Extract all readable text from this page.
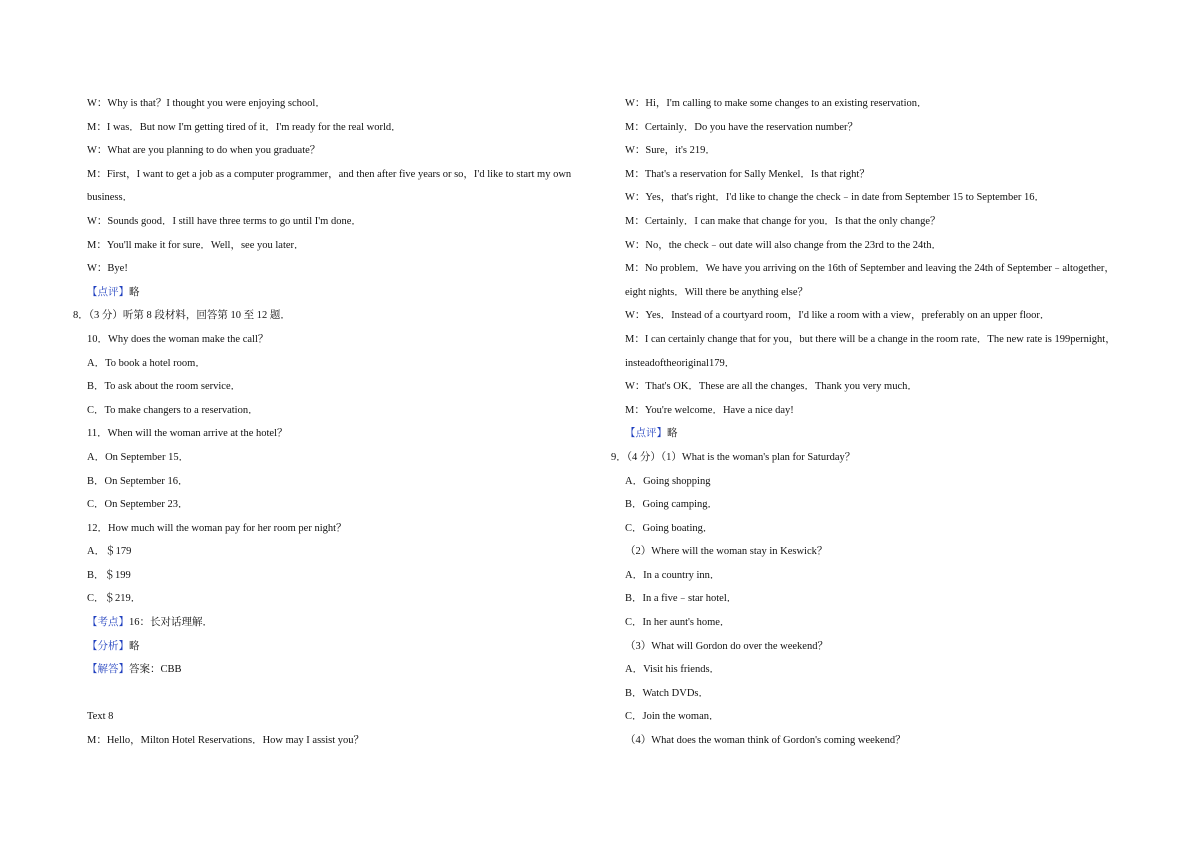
W：Why is that？I thought you were enjoying school．
M：I was．But now I'm getting tired of it．I'm ready for the real world．
W：What are you planning to do when you graduate？
M：First，I want to get a job as a computer programmer，and then after five years or so，I'd like to start my own
business．
W：Sounds good．I still have three terms to go until I'm done．
M：You'll make it for sure．Well，see you later．
W：Bye!
【点评】略
8．（3 分）听第 8 段材料，回答第 10 至 12 题．
10．Why does the woman make the call？
A．To book a hotel room．
B．To ask about the room service．
C．To make changers to a reservation．
11．When will the woman arrive at the hotel？
A．On September 15．
B．On September 16．
C．On September 23．
12．How much will the woman pay for her room per night？
A．＄179
B．＄199
C．＄219．
【考点】16：长对话理解．
【分析】略
【解答】答案：CBB
Text 8
M：Hello，Milton Hotel Reservations．How may I assist you？
W：Hi，I'm calling to make some changes to an existing reservation．
M：Certainly．Do you have the reservation number？
W：Sure，it's 219．
M：That's a reservation for Sally Menkel．Is that right？
W：Yes，that's right．I'd like to change the check﹣in date from September 15 to September 16．
M：Certainly．I can make that change for you．Is that the only change？
W：No，the check﹣out date will also change from the 23rd to the 24th．
M：No problem．We have you arriving on the 16th of September and leaving the 24th of September﹣altogether，
eight nights．Will there be anything else？
W：Yes．Instead of a courtyard room，I'd like a room with a view，preferably on an upper floor．
M：I can certainly change that for you，but there will be a change in the room rate．The new rate is 199pernight，
insteadoftheoriginal179．
W：That's OK．These are all the changes．Thank you very much．
M：You're welcome．Have a nice day!
【点评】略
9．（4 分）（1）What is the woman's plan for Saturday？
A．Going shopping
B．Going camping．
C．Going boating．
（2）Where will the woman stay in Keswick？
A．In a country inn．
B．In a five﹣star hotel．
C．In her aunt's home．
（3）What will Gordon do over the weekend？
A．Visit his friends．
B．Watch DVDs．
C．Join the woman．
（4）What does the woman think of Gordon's coming weekend？
